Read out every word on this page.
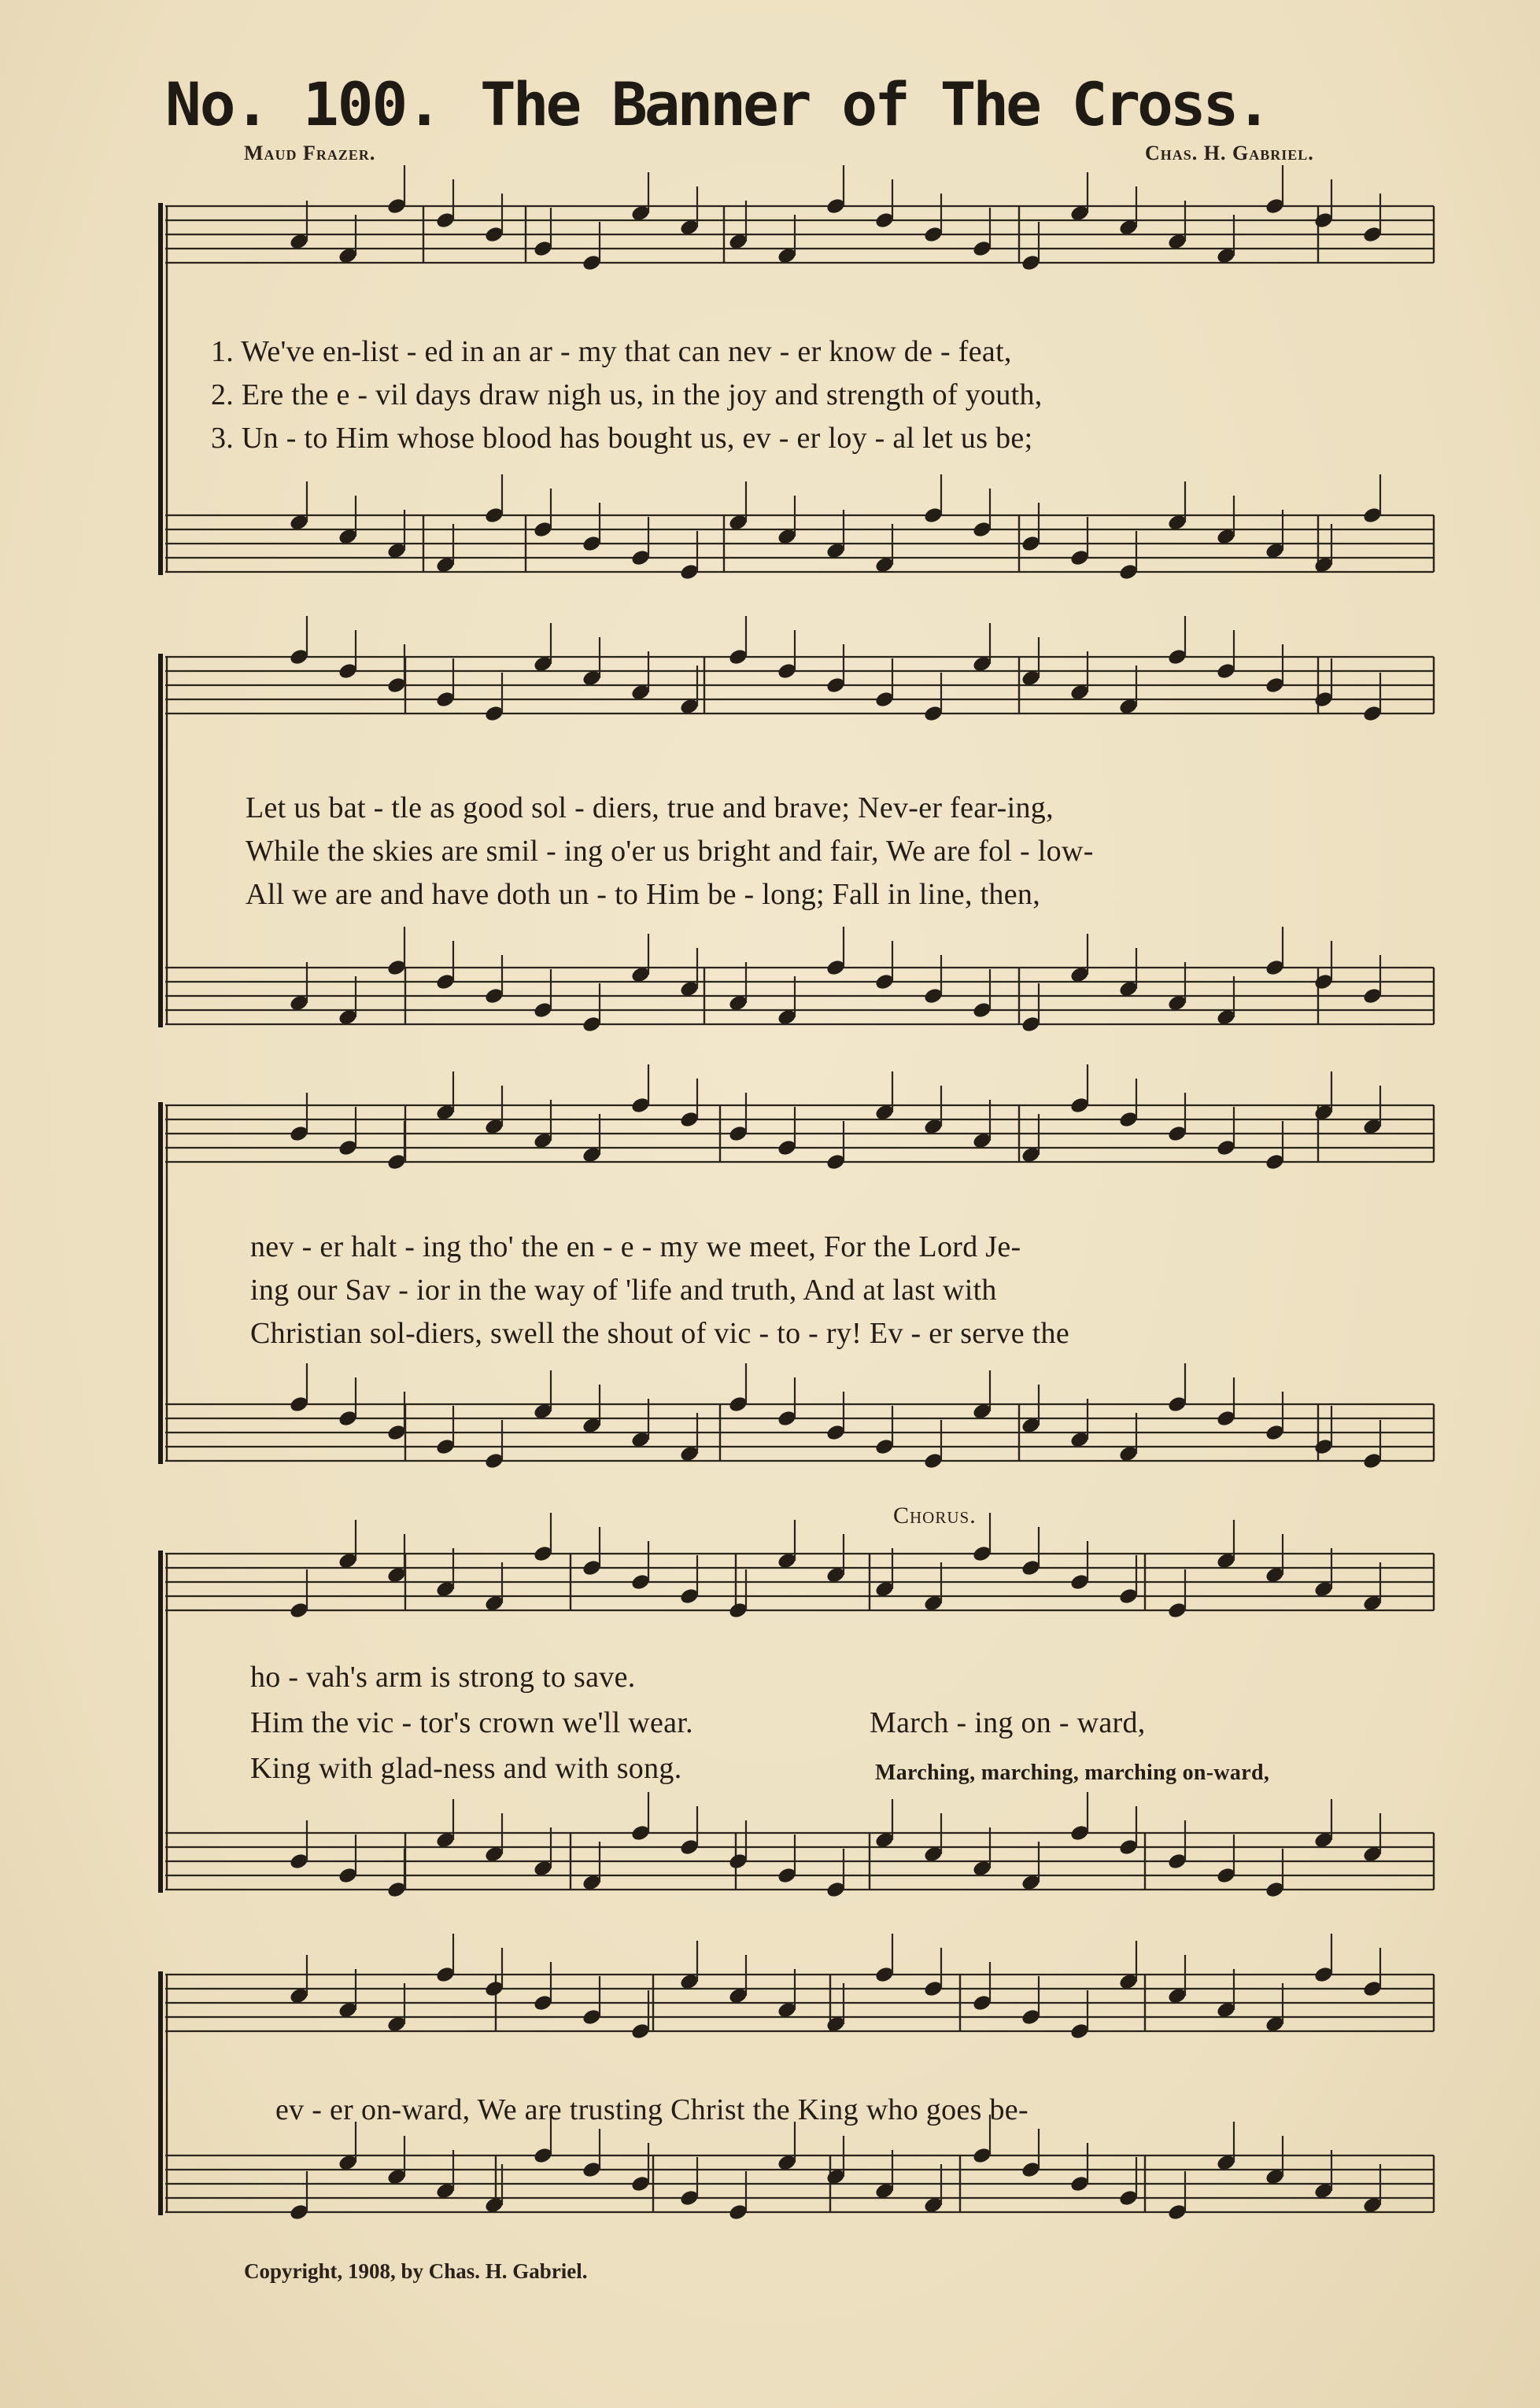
No. 100. The Banner of The Cross.
Maud Frazer.	Chas. H. Gabriel.
1. We've en-list - ed in an ar - my that can nev - er know de - feat,
2. Ere the e - vil days draw nigh us, in the joy and strength of youth,
3. Un - to Him whose blood has bought us, ev - er loy - al let us be;
Let us bat - tle as good sol - diers, true and brave; Nev-er fear-ing,
While the skies are smil - ing o'er us bright and fair, We are fol - low-
All we are and have doth un - to Him be - long; Fall in line, then,
nev - er halt - ing tho' the en - e - my we meet, For the Lord Je-
ing our Sav - ior in the way of 'life and truth, And at last with
Christian sol-diers, swell the shout of vic - to - ry! Ev - er serve the
Chorus.
ho - vah's arm is strong to save.
Him the vic - tor's crown we'll wear.	March - ing on - ward,
King with glad-ness and with song.	Marching, marching, marching on-ward,
ev - er on-ward, We are trusting Christ the King who goes be-
Copyright, 1908, by Chas. H. Gabriel.
